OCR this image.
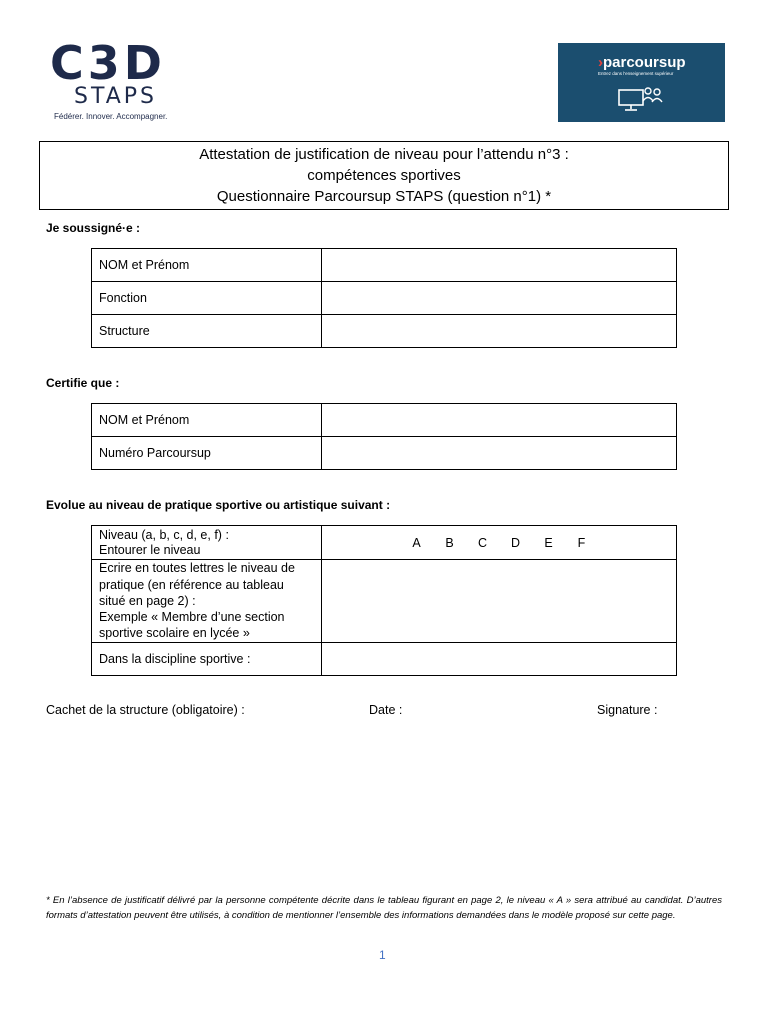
C3D
STAPS
Fédérer. Innover. Accompagner.
›parcoursup
Entrez dans l'enseignement supérieur
Attestation de justification de niveau pour l’attendu n°3 :
compétences sportives
Questionnaire Parcoursup STAPS (question n°1) *
Je soussigné·e :
NOM et Prénom	
Fonction	
Structure	
Certifie que :
NOM et Prénom	
Numéro Parcoursup	
Evolue au niveau de pratique sportive ou artistique suivant :
Niveau (a, b, c, d, e, f) :
Entourer le niveau	A B C D E F

Ecrire en toutes lettres le niveau de
pratique (en référence au tableau
situé en page 2) :
Exemple « Membre d’une section
sportive scolaire en lycée »	

Dans la discipline sportive :	
Cachet de la structure (obligatoire) :	Date :	Signature :
* En l’absence de justificatif délivré par la personne compétente décrite dans le tableau figurant en page 2, le niveau « A » sera attribué au candidat. D’autres formats d’attestation peuvent être utilisés, à condition de mentionner l’ensemble des informations demandées dans le modèle proposé sur cette page.
1
